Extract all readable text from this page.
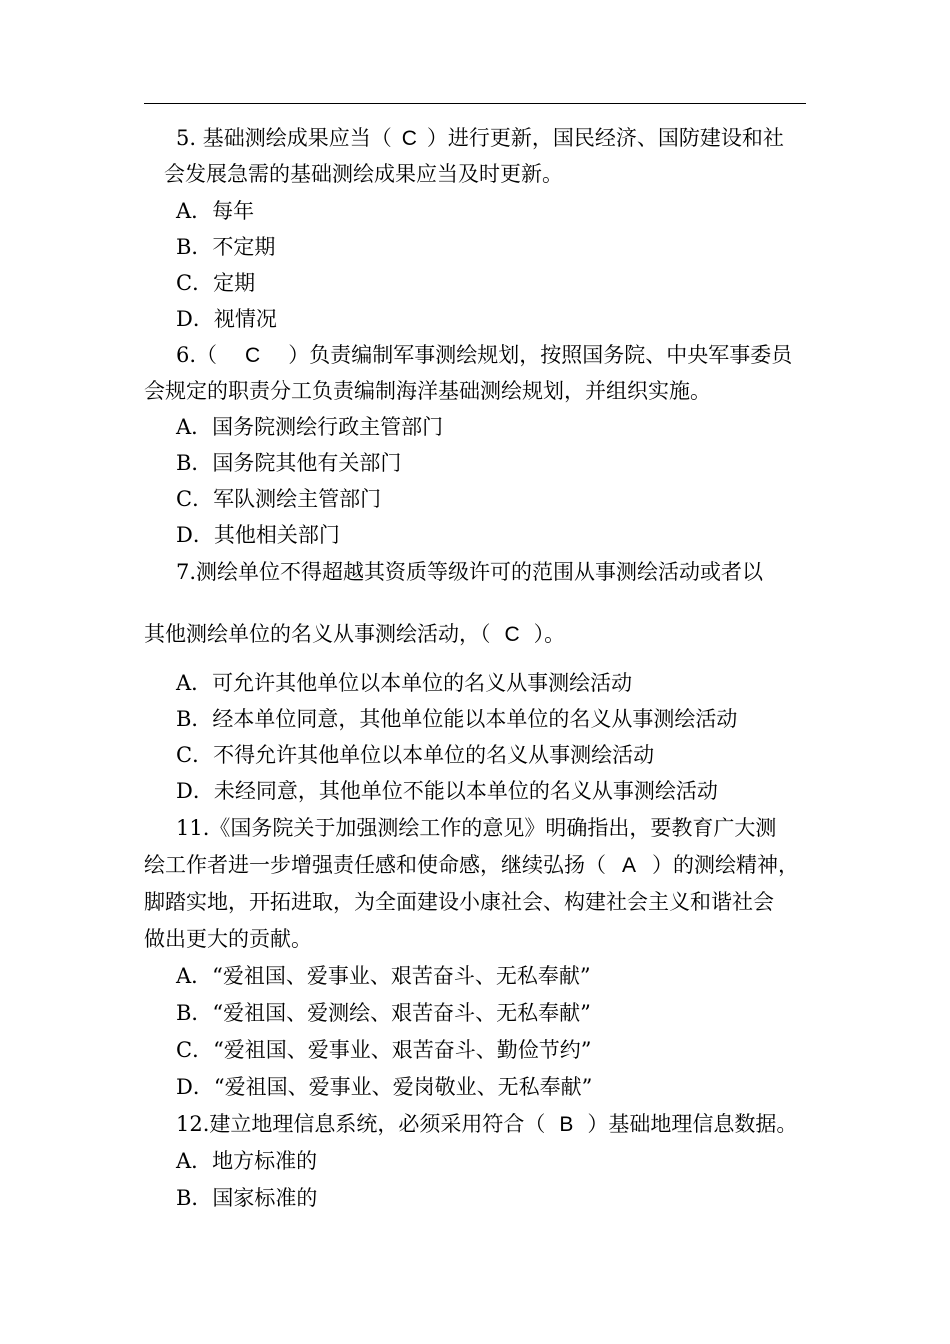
5. 基础测绘成果应当（ C ）进行更新，国民经济、国防建设和社
会发展急需的基础测绘成果应当及时更新。
A．每年
B．不定期
C．定期
D．视情况
6.（ C ）负责编制军事测绘规划，按照国务院、中央军事委员
会规定的职责分工负责编制海洋基础测绘规划，并组织实施。
A．国务院测绘行政主管部门
B．国务院其他有关部门
C．军队测绘主管部门
D．其他相关部门
7.测绘单位不得超越其资质等级许可的范围从事测绘活动或者以
其他测绘单位的名义从事测绘活动，（ C ）。
A．可允许其他单位以本单位的名义从事测绘活动
B．经本单位同意，其他单位能以本单位的名义从事测绘活动
C．不得允许其他单位以本单位的名义从事测绘活动
D．未经同意，其他单位不能以本单位的名义从事测绘活动
11.《国务院关于加强测绘工作的意见》明确指出，要教育广大测
绘工作者进一步增强责任感和使命感，继续弘扬（ A ）的测绘精神，
脚踏实地，开拓进取，为全面建设小康社会、构建社会主义和谐社会
做出更大的贡献。
A．“爱祖国、爱事业、艰苦奋斗、无私奉献”
B．“爱祖国、爱测绘、艰苦奋斗、无私奉献”
C．“爱祖国、爱事业、艰苦奋斗、勤俭节约”
D．“爱祖国、爱事业、爱岗敬业、无私奉献”
12.建立地理信息系统，必须采用符合（ B ）基础地理信息数据。
A．地方标准的
B．国家标准的
